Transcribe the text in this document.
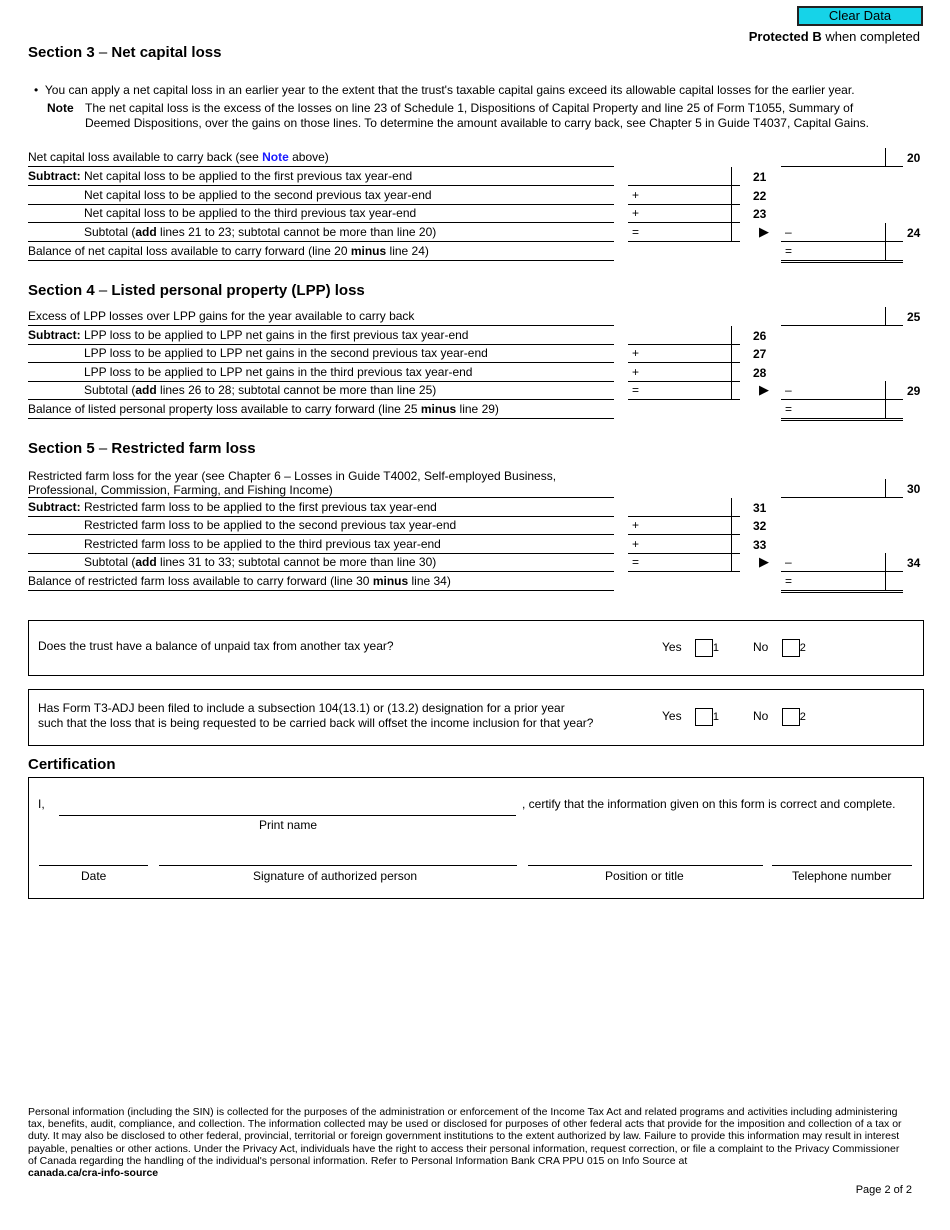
Clear Data
Protected B when completed
Section 3 – Net capital loss
•  You can apply a net capital loss in an earlier year to the extent that the trust's taxable capital gains exceed its allowable capital losses for the earlier year.
Note The net capital loss is the excess of the losses on line 23 of Schedule 1, Dispositions of Capital Property and line 25 of Form T1055, Summary of
Deemed Dispositions, over the gains on those lines. To determine the amount available to carry back, see Chapter 5 in Guide T4037, Capital Gains.
Net capital loss available to carry back (see Note above)	20
Subtract: Net capital loss to be applied to the first previous tax year-end	21
Net capital loss to be applied to the second previous tax year-end	+	22
Net capital loss to be applied to the third previous tax year-end	+	23
Subtotal (add lines 21 to 23; subtotal cannot be more than line 20)	=	▶ –	24
Balance of net capital loss available to carry forward (line 20 minus line 24)	=
Section 4 – Listed personal property (LPP) loss
Excess of LPP losses over LPP gains for the year available to carry back	25
Subtract: LPP loss to be applied to LPP net gains in the first previous tax year-end	26
LPP loss to be applied to LPP net gains in the second previous tax year-end	+	27
LPP loss to be applied to LPP net gains in the third previous tax year-end	+	28
Subtotal (add lines 26 to 28; subtotal cannot be more than line 25)	=	▶ –	29
Balance of listed personal property loss available to carry forward (line 25 minus line 29)	=
Section 5 – Restricted farm loss
Restricted farm loss for the year (see Chapter 6 – Losses in Guide T4002, Self-employed Business, Professional, Commission, Farming, and Fishing Income)	30
Subtract: Restricted farm loss to be applied to the first previous tax year-end	31
Restricted farm loss to be applied to the second previous tax year-end	+	32
Restricted farm loss to be applied to the third previous tax year-end	+	33
Subtotal (add lines 31 to 33; subtotal cannot be more than line 30)	=	▶ –	34
Balance of restricted farm loss available to carry forward (line 30 minus line 34)	=
Does the trust have a balance of unpaid tax from another tax year?	Yes	1	No	2
Has Form T3-ADJ been filed to include a subsection 104(13.1) or (13.2) designation for a prior year
such that the loss that is being requested to be carried back will offset the income inclusion for that year?	Yes	1	No	2
Certification
I,
Print name
, certify that the information given on this form is correct and complete.
Date	Signature of authorized person	Position or title	Telephone number
Personal information (including the SIN) is collected for the purposes of the administration or enforcement of the Income Tax Act and related programs and activities including administering tax, benefits, audit, compliance, and collection. The information collected may be used or disclosed for purposes of other federal acts that provide for the imposition and collection of a tax or duty. It may also be disclosed to other federal, provincial, territorial or foreign government institutions to the extent authorized by law. Failure to provide this information may result in interest payable, penalties or other actions. Under the Privacy Act, individuals have the right to access their personal information, request correction, or file a complaint to the Privacy Commissioner of Canada regarding the handling of the individual's personal information. Refer to Personal Information Bank CRA PPU 015 on Info Source at
canada.ca/cra-info-source
Page 2 of 2
